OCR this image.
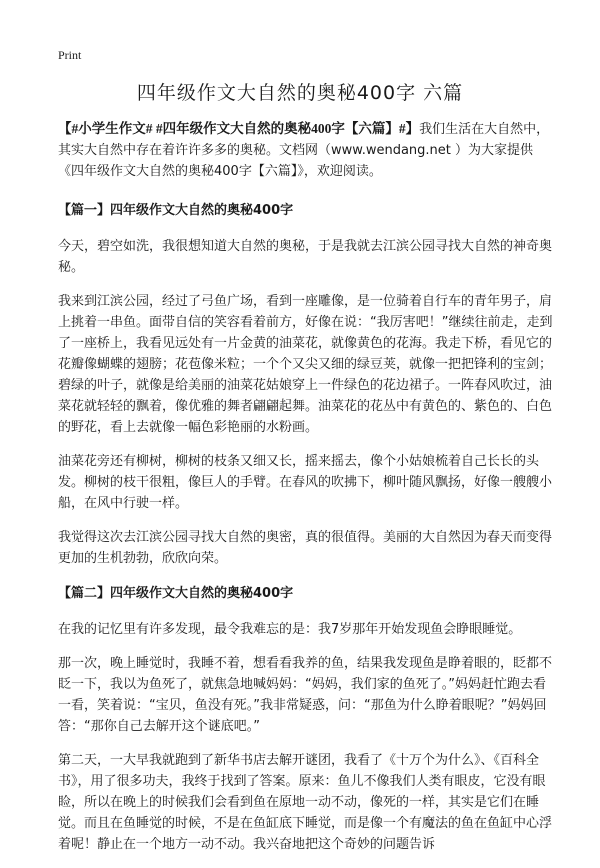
Print
四年级作文大自然的奥秘400字 六篇

【#小学生作文# #四年级作文大自然的奥秘400字【六篇】#】我们生活在大自然中，其实大自然中存在着许许多多的奥秘。文档网（www.wendang.net ）为大家提供《四年级作文大自然的奥秘400字【六篇】》，欢迎阅读。

【篇一】四年级作文大自然的奥秘400字

今天，碧空如洗，我很想知道大自然的奥秘，于是我就去江滨公园寻找大自然的神奇奥秘。

我来到江滨公园，经过了弓鱼广场，看到一座雕像，是一位骑着自行车的青年男子，肩上挑着一串鱼。面带自信的笑容看着前方，好像在说：“我厉害吧！”继续往前走，走到了一座桥上，我看见远处有一片金黄的油菜花，就像黄色的花海。我走下桥，看见它的花瓣像蝴蝶的翅膀；花苞像米粒；一个个又尖又细的绿豆荚，就像一把把锋利的宝剑；碧绿的叶子，就像是给美丽的油菜花姑娘穿上一件绿色的花边裙子。一阵春风吹过，油菜花就轻轻的飘着，像优雅的舞者翩翩起舞。油菜花的花丛中有黄色的、紫色的、白色的野花，看上去就像一幅色彩艳丽的水粉画。

油菜花旁还有柳树，柳树的枝条又细又长，摇来摇去，像个小姑娘梳着自己长长的头发。柳树的枝干很粗，像巨人的手臂。在春风的吹拂下，柳叶随风飘扬，好像一艘艘小船，在风中行驶一样。

我觉得这次去江滨公园寻找大自然的奥密，真的很值得。美丽的大自然因为春天而变得更加的生机勃勃，欣欣向荣。

【篇二】四年级作文大自然的奥秘400字

在我的记忆里有许多发现，最令我难忘的是：我7岁那年开始发现鱼会睁眼睡觉。

那一次，晚上睡觉时，我睡不着，想看看我养的鱼，结果我发现鱼是睁着眼的，眨都不眨一下，我以为鱼死了，就焦急地喊妈妈：“妈妈，我们家的鱼死了。”妈妈赶忙跑去看一看，笑着说：“宝贝，鱼没有死。”我非常疑惑，问：“那鱼为什么睁着眼呢？”妈妈回答：“那你自己去解开这个谜底吧。”

第二天，一大早我就跑到了新华书店去解开谜团，我看了《十万个为什么》、《百科全书》，用了很多功夫，我终于找到了答案。原来：鱼儿不像我们人类有眼皮，它没有眼睑，所以在晚上的时候我们会看到鱼在原地一动不动，像死的一样，其实是它们在睡觉。而且在鱼睡觉的时候，不是在鱼缸底下睡觉，而是像一个有魔法的鱼在鱼缸中心浮着呢！静止在一个地方一动不动。我兴奋地把这个奇妙的问题告诉
